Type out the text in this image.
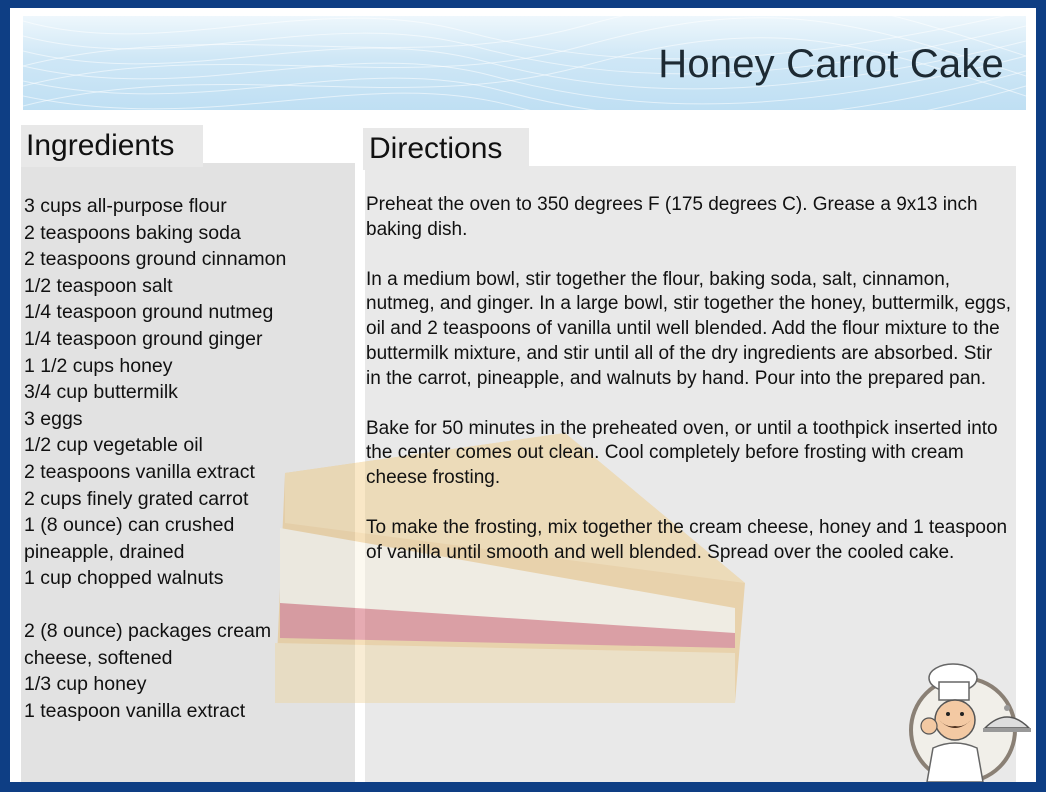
Honey Carrot Cake
Ingredients	Directions
3 cups all-purpose flour
2 teaspoons baking soda
2 teaspoons ground cinnamon
1/2 teaspoon salt
1/4 teaspoon ground nutmeg
1/4 teaspoon ground ginger
1 1/2 cups honey
3/4 cup buttermilk
3 eggs
1/2 cup vegetable oil
2 teaspoons vanilla extract
2 cups finely grated carrot
1 (8 ounce) can crushed
pineapple, drained
1 cup chopped walnuts
2 (8 ounce) packages cream
cheese, softened
1/3 cup honey
1 teaspoon vanilla extract

Preheat the oven to 350 degrees F (175 degrees C). Grease a 9x13 inch baking dish.

In a medium bowl, stir together the flour, baking soda, salt, cinnamon, nutmeg, and ginger. In a large bowl, stir together the honey, buttermilk, eggs, oil and 2 teaspoons of vanilla until well blended. Add the flour mixture to the buttermilk mixture, and stir until all of the dry ingredients are absorbed. Stir in the carrot, pineapple, and walnuts by hand. Pour into the prepared pan.

Bake for 50 minutes in the preheated oven, or until a toothpick inserted into the center comes out clean. Cool completely before frosting with cream cheese frosting.

To make the frosting, mix together the cream cheese, honey and 1 teaspoon of vanilla until smooth and well blended. Spread over the cooled cake.
